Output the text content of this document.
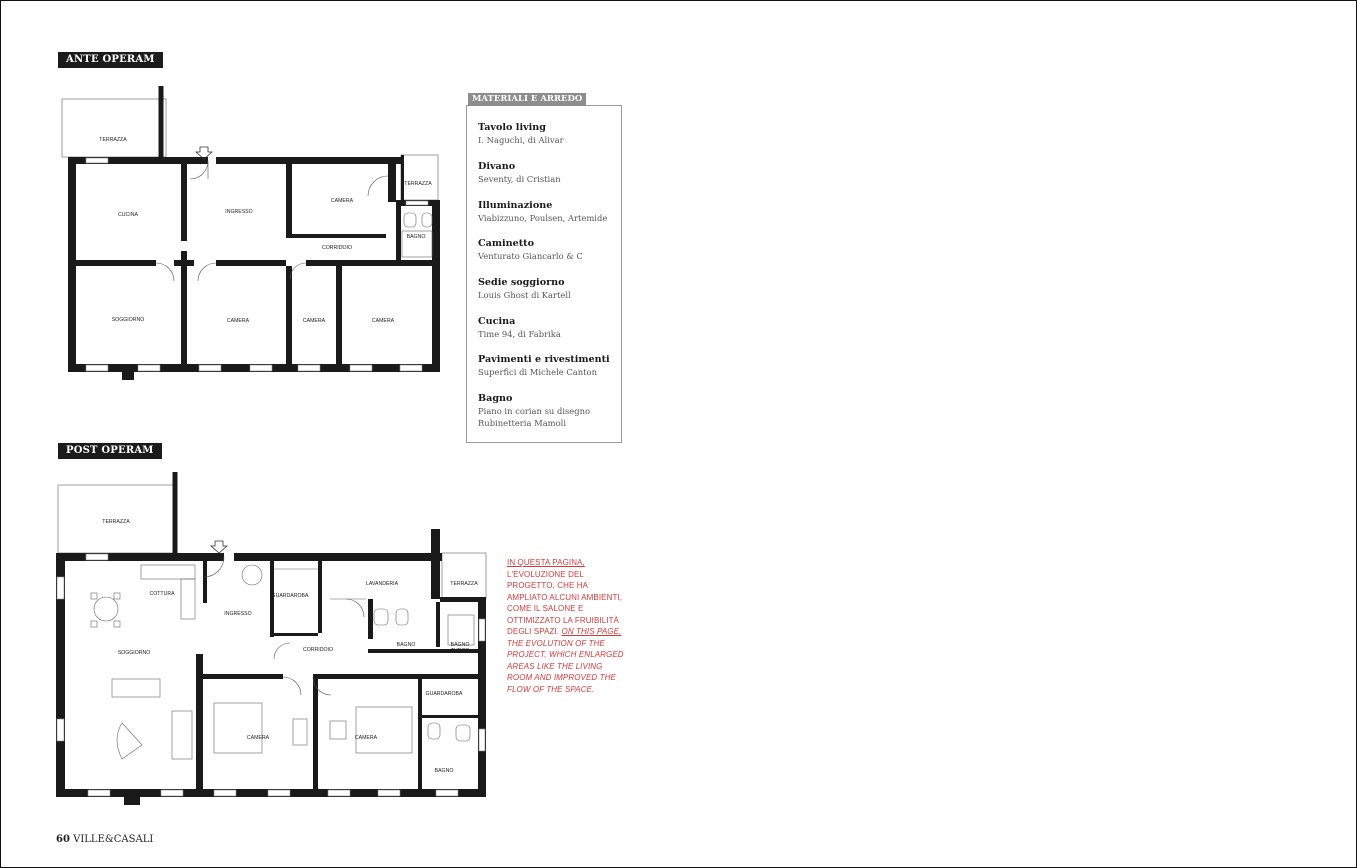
ANTE OPERAM
TERRAZZA
TERRAZZA
CUCINA	INGRESSO
CAMERA
BAGNO
CORRIDOIO
SOGGIORNO	CAMERA	CAMERA	CAMERA
MATERIALI E ARREDO
Tavolo living
I. Naguchi, di Alivar
Divano
Seventy, di Cristian
Illuminazione
Viabizzuno, Poulsen, Artemide
Caminetto
Venturato Giancarlo & C
Sedie soggiorno
Louis Ghost di Kartell
Cucina
Time 94, di Fabrika
Pavimenti e rivestimenti
Superfici di Michele Canton
Bagno
Piano in corian su disegno
Rubinetteria Mamoli
POST OPERAM
TERRAZZA
TERRAZZA
COTTURA
INGRESSO
GUARDAROBA
LAVANDERIA
CORRIDOIO
BAGNO	BAGNO
TURCO
SOGGIORNO
CAMERA	CAMERA
GUARDAROBA
BAGNO
IN QUESTA PAGINA, L'EVOLUZIONE DEL PROGETTO, CHE HA AMPLIATO ALCUNI AMBIENTI, COME IL SALONE E OTTIMIZZATO LA FRUIBILITÀ DEGLI SPAZI. ON THIS PAGE, THE EVOLUTION OF THE PROJECT, WHICH ENLARGED AREAS LIKE THE LIVING ROOM AND IMPROVED THE FLOW OF THE SPACE.
60 VILLE&CASALI
